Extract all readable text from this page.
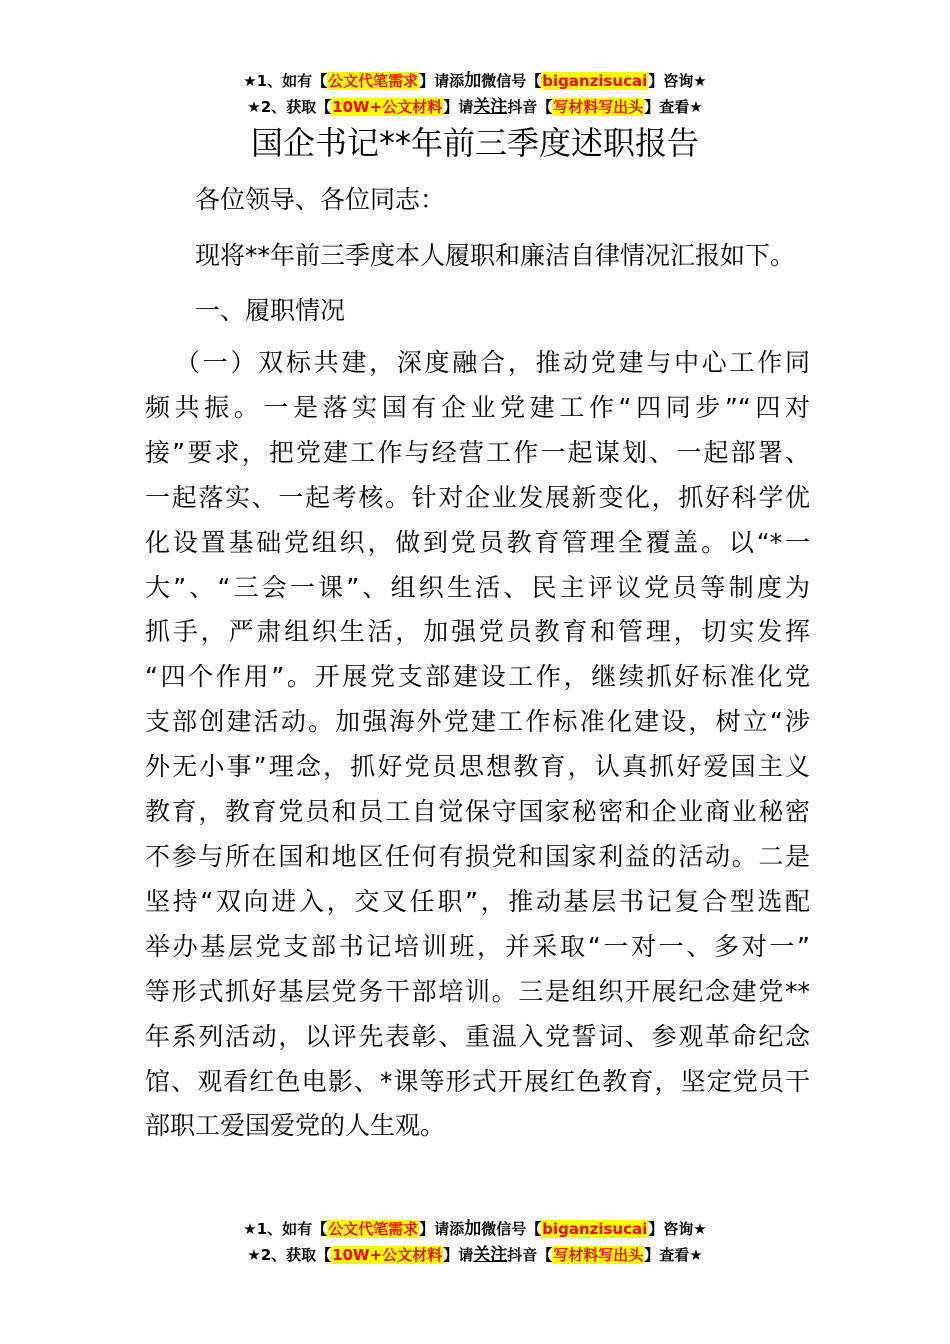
★1、如有【公文代笔需求】请添加微信号【biganzisucai】咨询★
★2、获取【10W+公文材料】请关注抖音【写材料写出头】查看★
国企书记**年前三季度述职报告

各位领导、各位同志：

现将**年前三季度本人履职和廉洁自律情况汇报如下。

一、履职情况

（一）双标共建，深度融合，推动党建与中心工作同
频共振。一是落实国有企业党建工作“四同步”“四对
接”要求，把党建工作与经营工作一起谋划、一起部署、
一起落实、一起考核。针对企业发展新变化，抓好科学优
化设置基础党组织，做到党员教育管理全覆盖。以“*一
大”、“三会一课”、组织生活、民主评议党员等制度为
抓手，严肃组织生活，加强党员教育和管理，切实发挥
“四个作用”。开展党支部建设工作，继续抓好标准化党
支部创建活动。加强海外党建工作标准化建设，树立“涉
外无小事”理念，抓好党员思想教育，认真抓好爱国主义
教育，教育党员和员工自觉保守国家秘密和企业商业秘密
不参与所在国和地区任何有损党和国家利益的活动。二是
坚持“双向进入，交叉任职”，推动基层书记复合型选配
举办基层党支部书记培训班，并采取“一对一、多对一”
等形式抓好基层党务干部培训。三是组织开展纪念建党**
年系列活动，以评先表彰、重温入党誓词、参观革命纪念
馆、观看红色电影、*课等形式开展红色教育，坚定党员干
部职工爱国爱党的人生观。
★1、如有【公文代笔需求】请添加微信号【biganzisucai】咨询★
★2、获取【10W+公文材料】请关注抖音【写材料写出头】查看★
